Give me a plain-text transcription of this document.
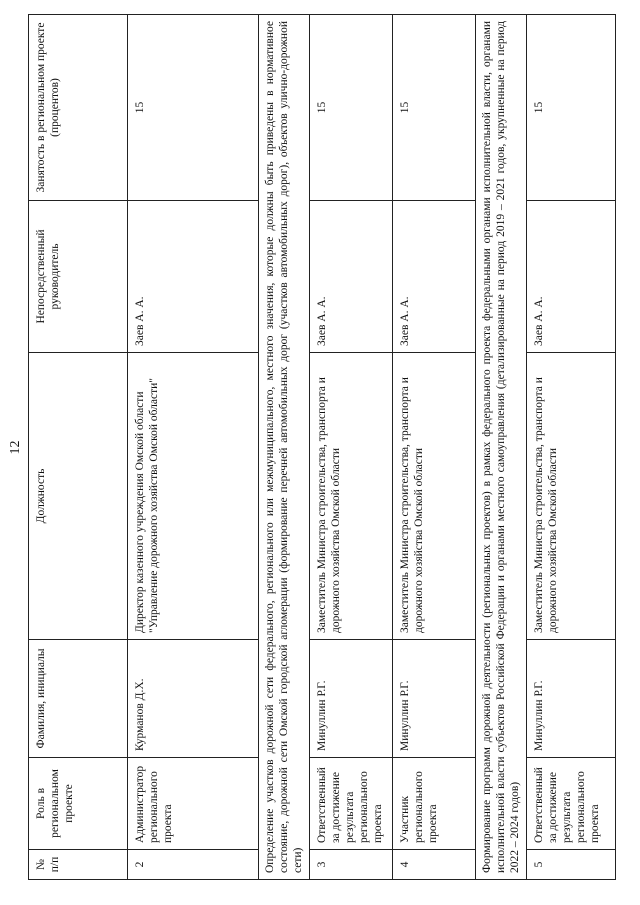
12
№ п/п	Роль в региональном проекте	Фамилия, инициалы	Должность	Непосредственный руководитель	Занятость в региональном проекте (процентов)
2	Администратор регионального проекта	Курманов Д.Х.	Директор казенного учреждения Омской области "Управление дорожного хозяйства Омской области"	Заев А. А.	15
Определение участков дорожной сети федерального, регионального или межмуниципального, местного значения, которые должны быть приведены в нормативное состояние, дорожной сети Омской городской агломерации (формирование перечней автомобильных дорог (участков автомобильных дорог), объектов улично-дорожной сети)					
3	Ответственный за достижение результата регионального проекта	Минуллин Р.Г.	Заместитель Министра строительства, транспорта и дорожного хозяйства Омской области	Заев А. А.	15
4	Участник регионального проекта	Минуллин Р.Г.	Заместитель Министра строительства, транспорта и дорожного хозяйства Омской области	Заев А. А.	15
Формирование программ дорожной деятельности (региональных проектов) в рамках федерального проекта федеральными органами исполнительной власти, органами исполнительной власти субъектов Российской Федерации и органами местного самоуправления (детализированные на период 2019 – 2021 годов, укрупненные на период 2022 – 2024 годов)					
5	Ответственный за достижение результата регионального проекта	Минуллин Р.Г.	Заместитель Министра строительства, транспорта и дорожного хозяйства Омской области	Заев А. А.	15
